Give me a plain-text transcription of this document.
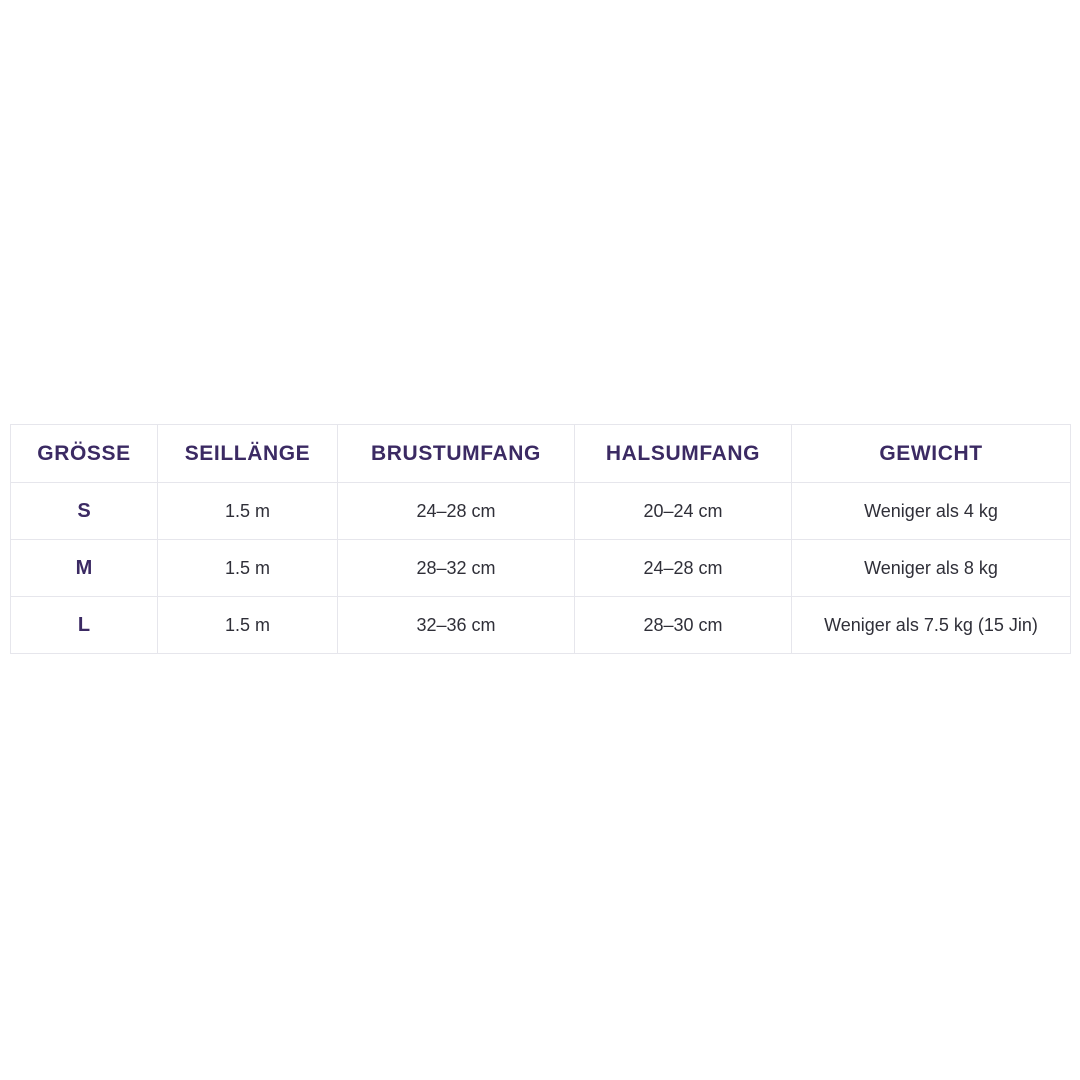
GRÖSSE	SEILLÄNGE	BRUSTUMFANG	HALSUMFANG	GEWICHT
S	1.5 m	24–28 cm	20–24 cm	Weniger als 4 kg
M	1.5 m	28–32 cm	24–28 cm	Weniger als 8 kg
L	1.5 m	32–36 cm	28–30 cm	Weniger als 7.5 kg (15 Jin)
